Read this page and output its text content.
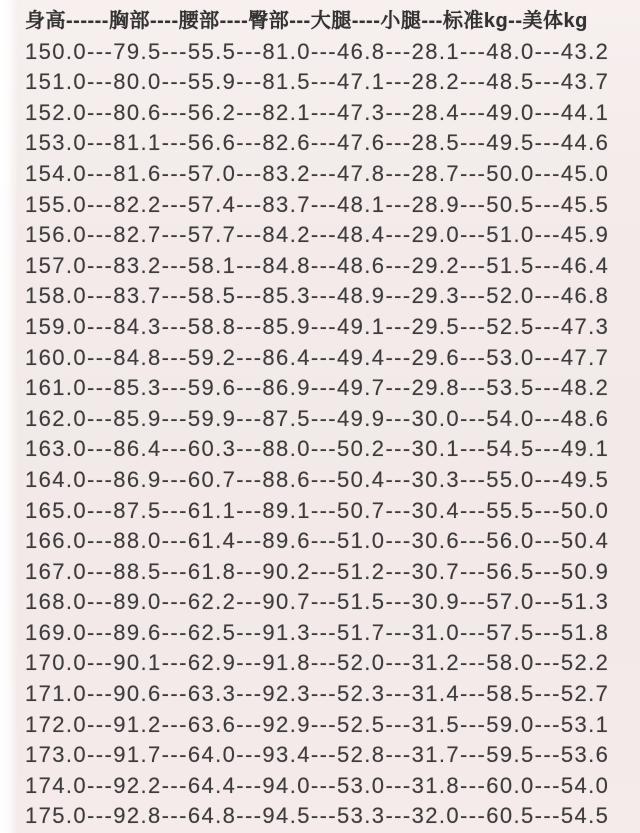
身高------胸部----腰部----臀部---大腿----小腿---标准kg--美体kg
150.0---79.5---55.5---81.0---46.8---28.1---48.0---43.2
151.0---80.0---55.9---81.5---47.1---28.2---48.5---43.7
152.0---80.6---56.2---82.1---47.3---28.4---49.0---44.1
153.0---81.1---56.6---82.6---47.6---28.5---49.5---44.6
154.0---81.6---57.0---83.2---47.8---28.7---50.0---45.0
155.0---82.2---57.4---83.7---48.1---28.9---50.5---45.5
156.0---82.7---57.7---84.2---48.4---29.0---51.0---45.9
157.0---83.2---58.1---84.8---48.6---29.2---51.5---46.4
158.0---83.7---58.5---85.3---48.9---29.3---52.0---46.8
159.0---84.3---58.8---85.9---49.1---29.5---52.5---47.3
160.0---84.8---59.2---86.4---49.4---29.6---53.0---47.7
161.0---85.3---59.6---86.9---49.7---29.8---53.5---48.2
162.0---85.9---59.9---87.5---49.9---30.0---54.0---48.6
163.0---86.4---60.3---88.0---50.2---30.1---54.5---49.1
164.0---86.9---60.7---88.6---50.4---30.3---55.0---49.5
165.0---87.5---61.1---89.1---50.7---30.4---55.5---50.0
166.0---88.0---61.4---89.6---51.0---30.6---56.0---50.4
167.0---88.5---61.8---90.2---51.2---30.7---56.5---50.9
168.0---89.0---62.2---90.7---51.5---30.9---57.0---51.3
169.0---89.6---62.5---91.3---51.7---31.0---57.5---51.8
170.0---90.1---62.9---91.8---52.0---31.2---58.0---52.2
171.0---90.6---63.3---92.3---52.3---31.4---58.5---52.7
172.0---91.2---63.6---92.9---52.5---31.5---59.0---53.1
173.0---91.7---64.0---93.4---52.8---31.7---59.5---53.6
174.0---92.2---64.4---94.0---53.0---31.8---60.0---54.0
175.0---92.8---64.8---94.5---53.3---32.0---60.5---54.5
